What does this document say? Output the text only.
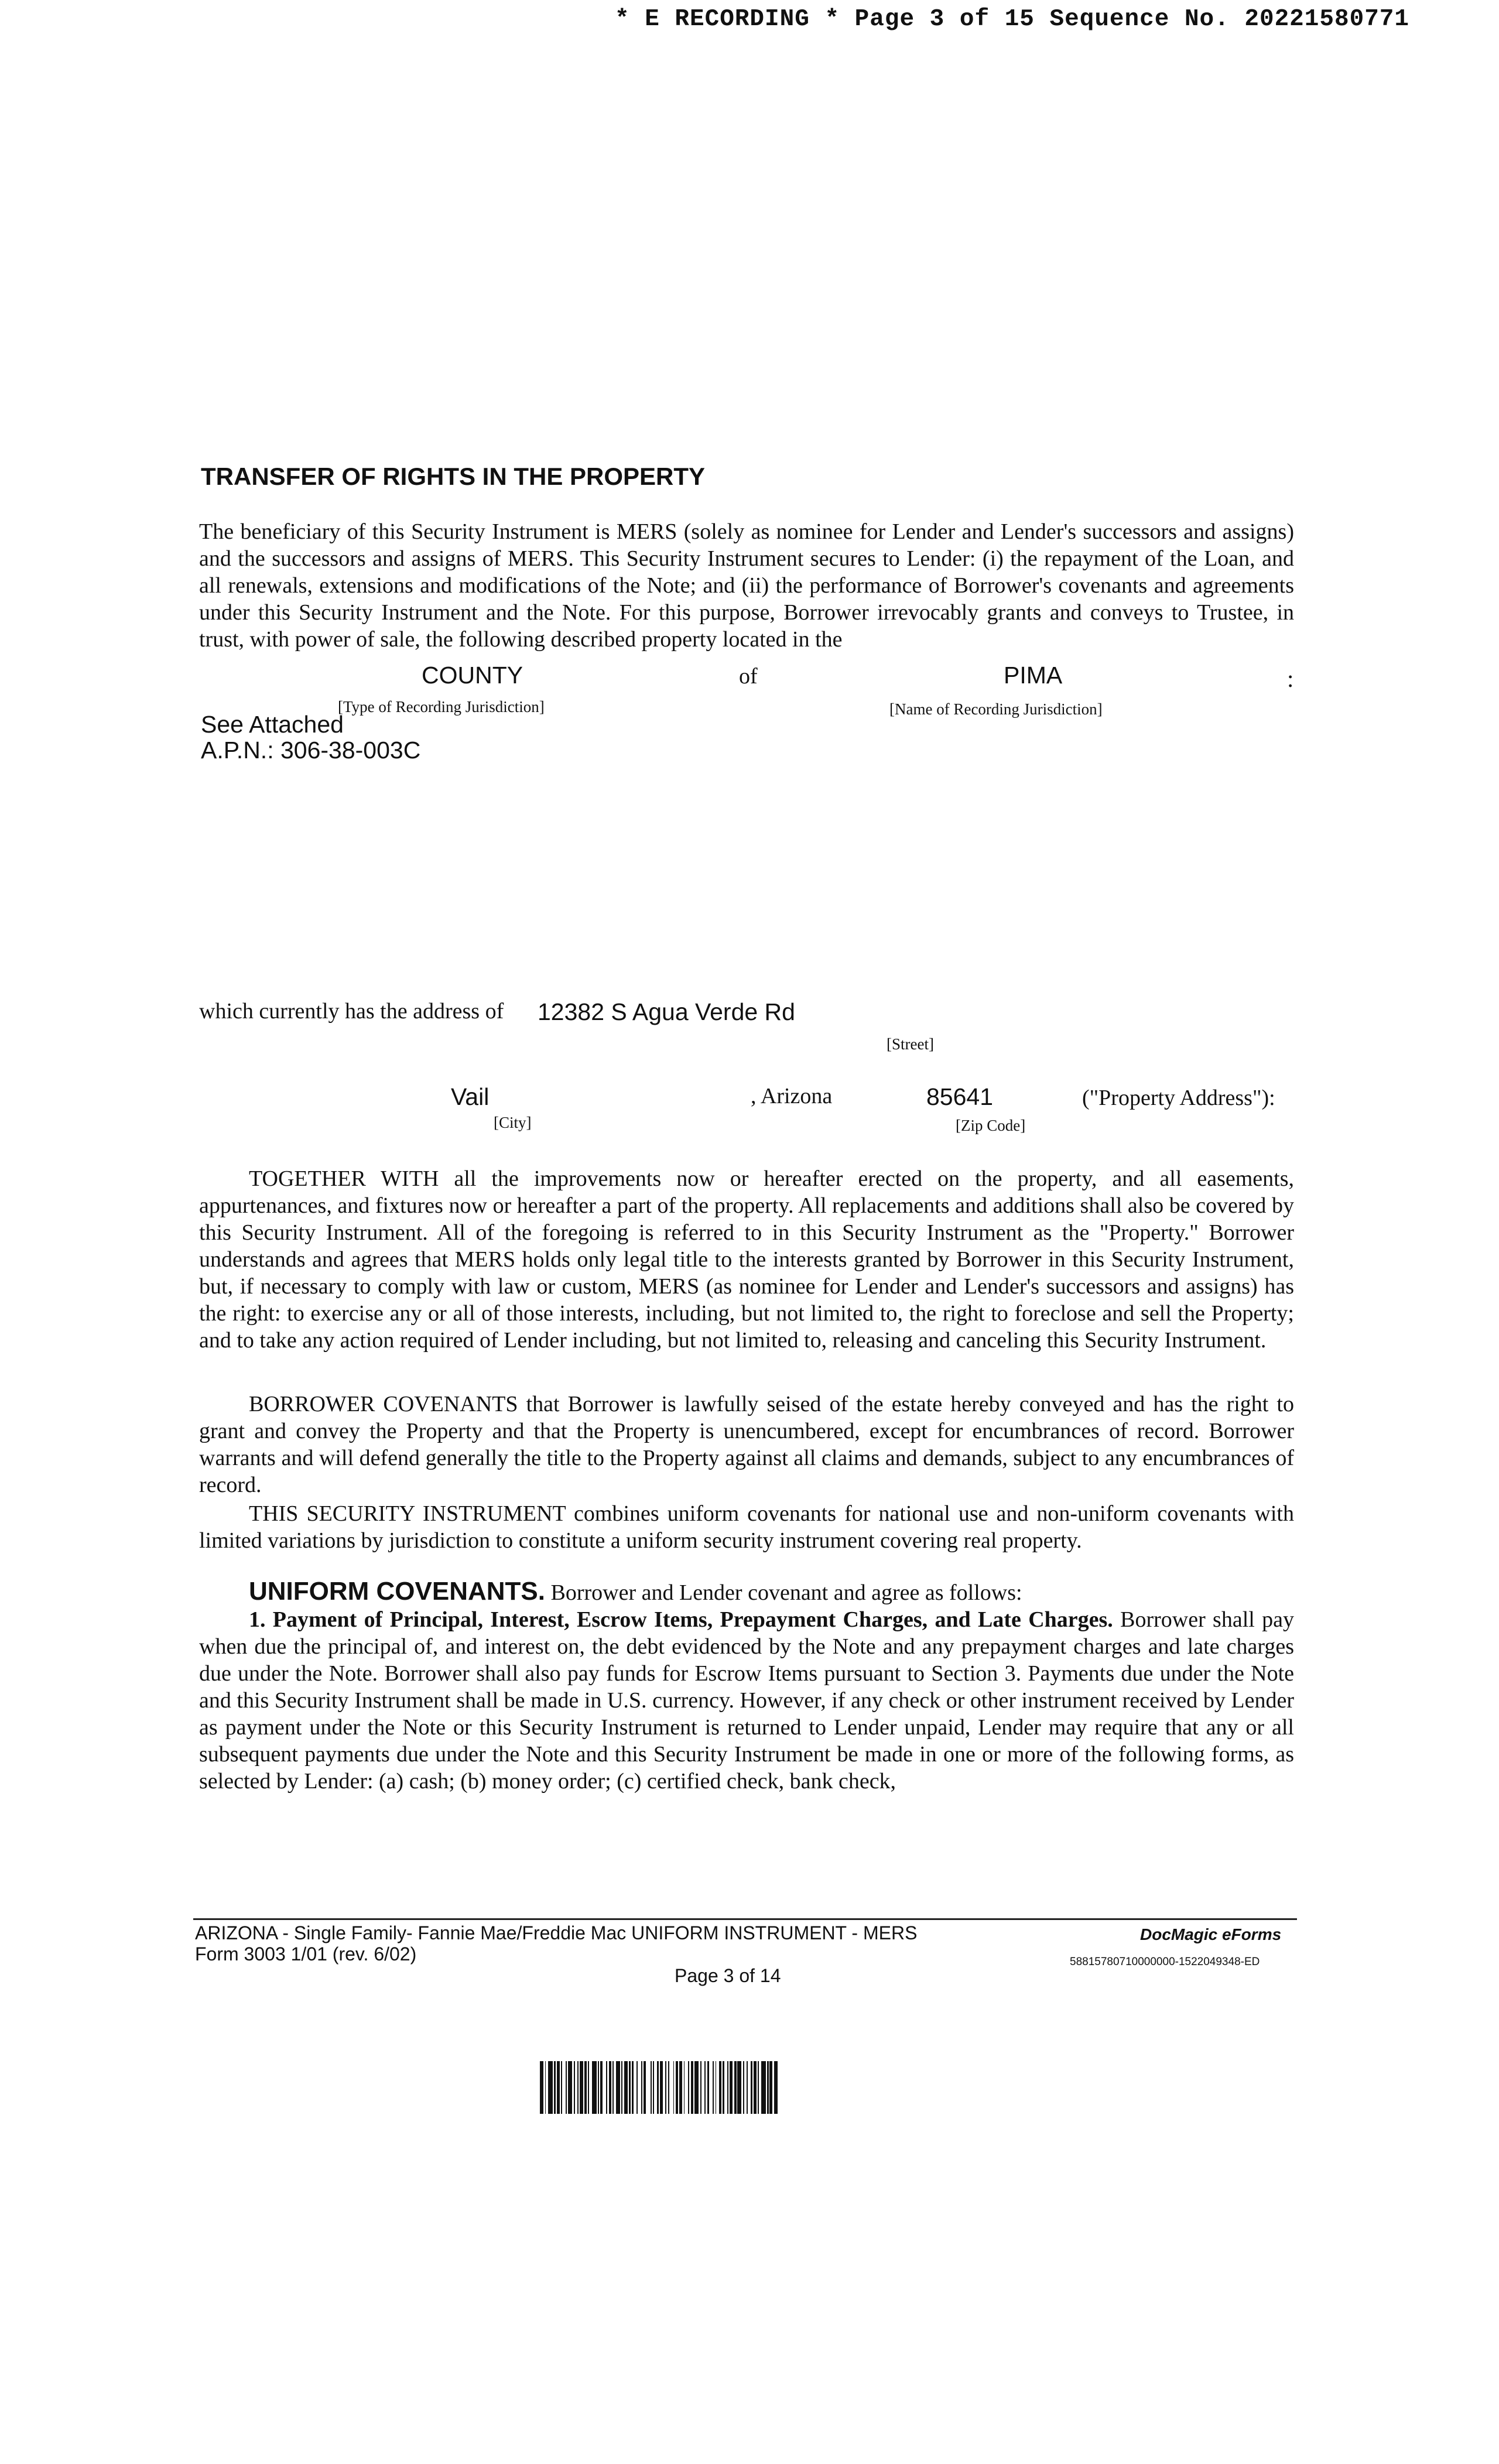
* E RECORDING * Page 3 of 15 Sequence No. 20221580771
TRANSFER OF RIGHTS IN THE PROPERTY
The beneficiary of this Security Instrument is MERS (solely as nominee for Lender and Lender's successors and assigns) and the successors and assigns of MERS. This Security Instrument secures to Lender: (i) the repayment of the Loan, and all renewals, extensions and modifications of the Note; and (ii) the performance of Borrower's covenants and agreements under this Security Instrument and the Note. For this purpose, Borrower irrevocably grants and conveys to Trustee, in trust, with power of sale, the following described property located in the
COUNTY	of	PIMA	:
[Type of Recording Jurisdiction]	[Name of Recording Jurisdiction]
See Attached
A.P.N.: 306-38-003C
which currently has the address of 12382 S Agua Verde Rd
[Street]
Vail	, Arizona	85641	("Property Address"):
[City]	[Zip Code]
TOGETHER WITH all the improvements now or hereafter erected on the property, and all easements, appurtenances, and fixtures now or hereafter a part of the property. All replacements and additions shall also be covered by this Security Instrument. All of the foregoing is referred to in this Security Instrument as the "Property." Borrower understands and agrees that MERS holds only legal title to the interests granted by Borrower in this Security Instrument, but, if necessary to comply with law or custom, MERS (as nominee for Lender and Lender's successors and assigns) has the right: to exercise any or all of those interests, including, but not limited to, the right to foreclose and sell the Property; and to take any action required of Lender including, but not limited to, releasing and canceling this Security Instrument.
BORROWER COVENANTS that Borrower is lawfully seised of the estate hereby conveyed and has the right to grant and convey the Property and that the Property is unencumbered, except for encumbrances of record. Borrower warrants and will defend generally the title to the Property against all claims and demands, subject to any encumbrances of record.
THIS SECURITY INSTRUMENT combines uniform covenants for national use and non-uniform covenants with limited variations by jurisdiction to constitute a uniform security instrument covering real property.
UNIFORM COVENANTS. Borrower and Lender covenant and agree as follows:
1. Payment of Principal, Interest, Escrow Items, Prepayment Charges, and Late Charges. Borrower shall pay when due the principal of, and interest on, the debt evidenced by the Note and any prepayment charges and late charges due under the Note. Borrower shall also pay funds for Escrow Items pursuant to Section 3. Payments due under the Note and this Security Instrument shall be made in U.S. currency. However, if any check or other instrument received by Lender as payment under the Note or this Security Instrument is returned to Lender unpaid, Lender may require that any or all subsequent payments due under the Note and this Security Instrument be made in one or more of the following forms, as selected by Lender: (a) cash; (b) money order; (c) certified check, bank check,
ARIZONA - Single Family- Fannie Mae/Freddie Mac UNIFORM INSTRUMENT - MERS
Form 3003 1/01 (rev. 6/02)
DocMagic eForms
58815780710000000-1522049348-ED
Page 3 of 14
